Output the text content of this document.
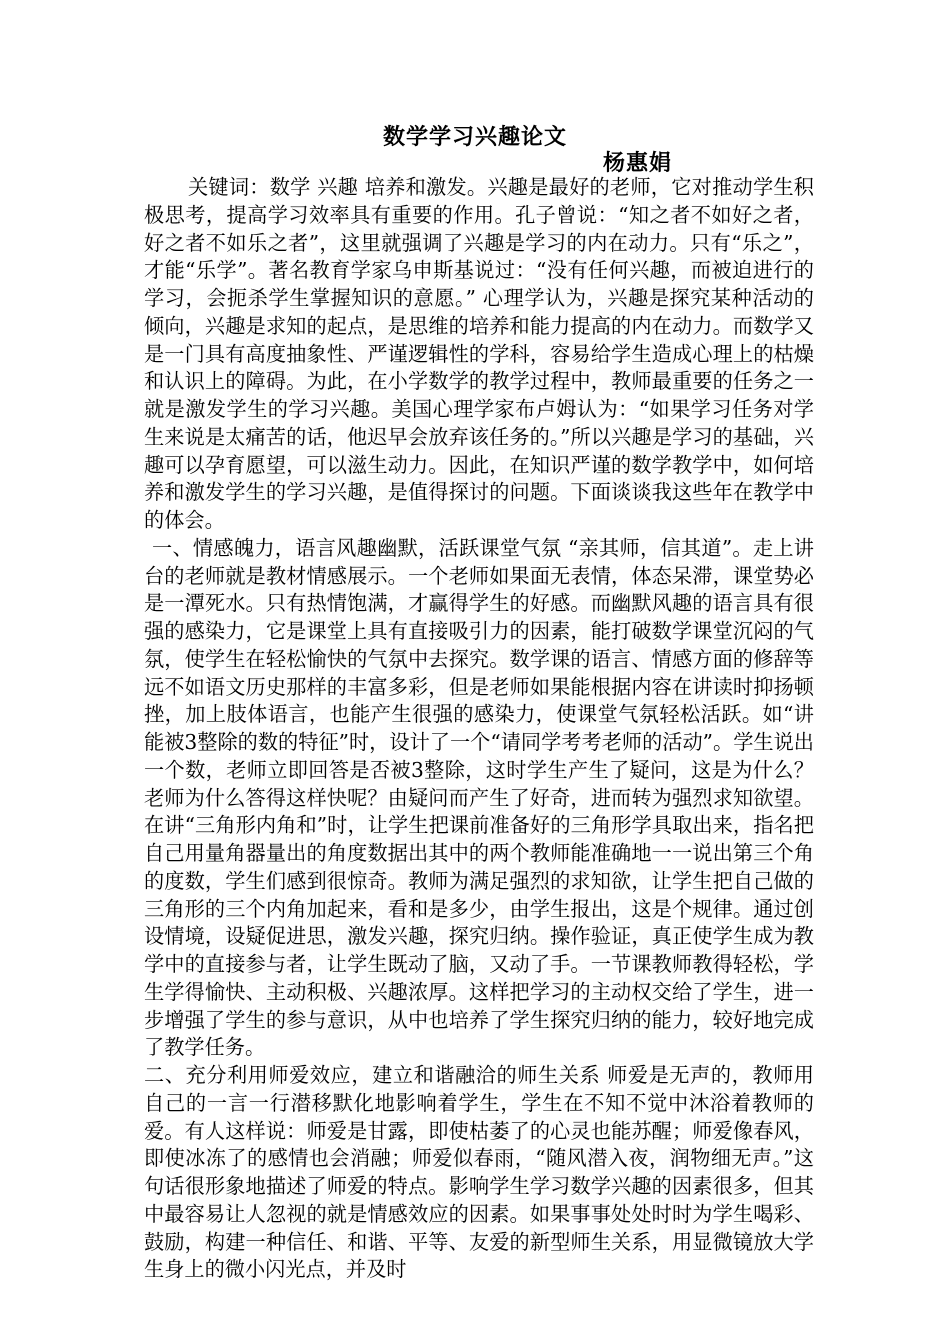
数学学习兴趣论文
杨惠娟

关键词：数学 兴趣 培养和激发。兴趣是最好的老师，它对推动学生积极思考，提高学习效率具有重要的作用。孔子曾说：“知之者不如好之者，好之者不如乐之者”，这里就强调了兴趣是学习的内在动力。只有“乐之”，才能“乐学”。著名教育学家乌申斯基说过：“没有任何兴趣，而被迫进行的学习，会扼杀学生掌握知识的意愿。” 心理学认为，兴趣是探究某种活动的倾向，兴趣是求知的起点，是思维的培养和能力提高的内在动力。而数学又是一门具有高度抽象性、严谨逻辑性的学科，容易给学生造成心理上的枯燥和认识上的障碍。为此，在小学数学的教学过程中，教师最重要的任务之一就是激发学生的学习兴趣。美国心理学家布卢姆认为：“如果学习任务对学生来说是太痛苦的话，他迟早会放弃该任务的。”所以兴趣是学习的基础，兴趣可以孕育愿望，可以滋生动力。因此，在知识严谨的数学教学中，如何培养和激发学生的学习兴趣，是值得探讨的问题。下面谈谈我这些年在教学中的体会。

一、情感魄力，语言风趣幽默，活跃课堂气氛 “亲其师，信其道”。走上讲台的老师就是教材情感展示。一个老师如果面无表情，体态呆滞，课堂势必是一潭死水。只有热情饱满，才赢得学生的好感。而幽默风趣的语言具有很强的感染力，它是课堂上具有直接吸引力的因素，能打破数学课堂沉闷的气氛，使学生在轻松愉快的气氛中去探究。数学课的语言、情感方面的修辞等远不如语文历史那样的丰富多彩，但是老师如果能根据内容在讲读时抑扬顿挫，加上肢体语言，也能产生很强的感染力，使课堂气氛轻松活跃。如“讲能被3整除的数的特征”时，设计了一个“请同学考考老师的活动”。学生说出一个数，老师立即回答是否被3整除，这时学生产生了疑问，这是为什么？老师为什么答得这样快呢？由疑问而产生了好奇，进而转为强烈求知欲望。在讲“三角形内角和”时，让学生把课前准备好的三角形学具取出来，指名把自己用量角器量出的角度数据出其中的两个教师能准确地一一说出第三个角的度数，学生们感到很惊奇。教师为满足强烈的求知欲，让学生把自己做的三角形的三个内角加起来，看和是多少，由学生报出，这是个规律。通过创设情境，设疑促进思，激发兴趣，探究归纳。操作验证，真正使学生成为教学中的直接参与者，让学生既动了脑，又动了手。一节课教师教得轻松，学生学得愉快、主动积极、兴趣浓厚。这样把学习的主动权交给了学生，进一步增强了学生的参与意识，从中也培养了学生探究归纳的能力，较好地完成了教学任务。

二、充分利用师爱效应，建立和谐融洽的师生关系 师爱是无声的，教师用自己的一言一行潜移默化地影响着学生，学生在不知不觉中沐浴着教师的爱。有人这样说：师爱是甘露，即使枯萎了的心灵也能苏醒；师爱像春风，即使冰冻了的感情也会消融；师爱似春雨，“随风潜入夜，润物细无声。”这句话很形象地描述了师爱的特点。影响学生学习数学兴趣的因素很多，但其中最容易让人忽视的就是情感效应的因素。如果事事处处时时为学生喝彩、鼓励，构建一种信任、和谐、平等、友爱的新型师生关系，用显微镜放大学生身上的微小闪光点，并及时
